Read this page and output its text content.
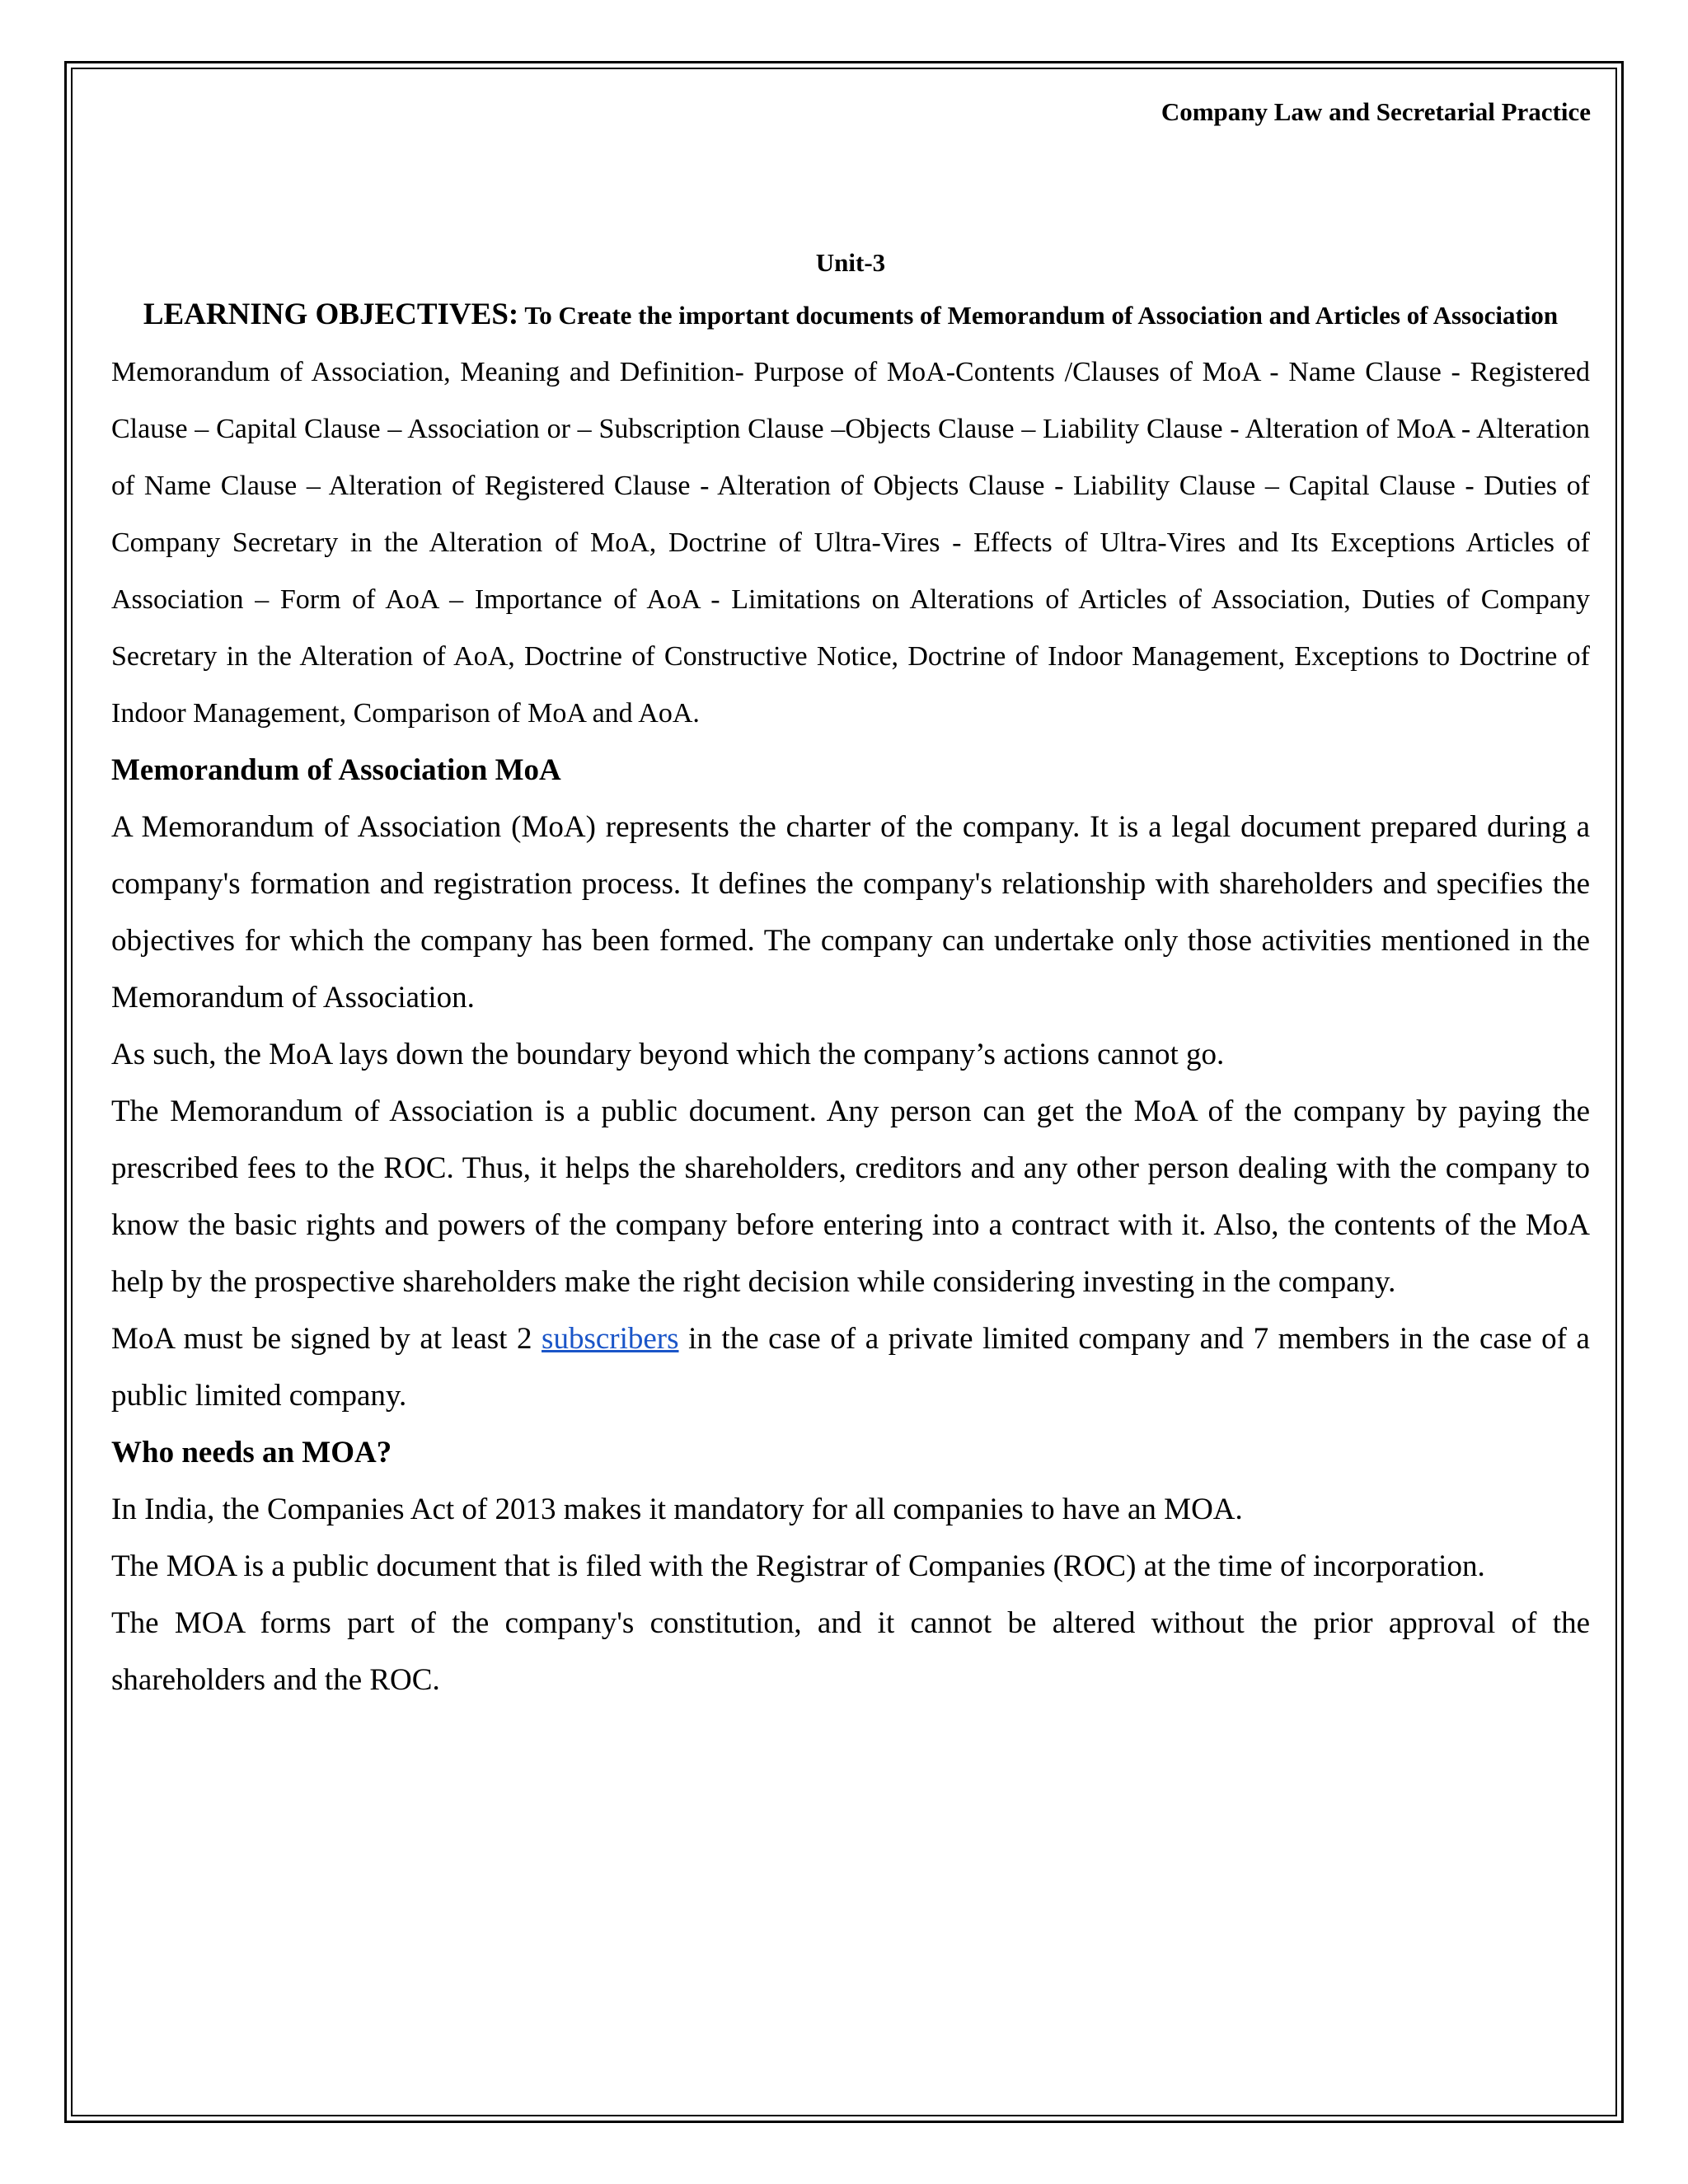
Company Law and Secretarial Practice
Unit-3
LEARNING OBJECTIVES: To Create the important documents of Memorandum of Association and Articles of Association

Memorandum of Association, Meaning and Definition- Purpose of MoA-Contents /Clauses of MoA - Name Clause - Registered Clause – Capital Clause – Association or – Subscription Clause –Objects Clause – Liability Clause - Alteration of MoA - Alteration of Name Clause – Alteration of Registered Clause - Alteration of Objects Clause - Liability Clause – Capital Clause - Duties of Company Secretary in the Alteration of MoA, Doctrine of Ultra-Vires - Effects of Ultra-Vires and Its Exceptions Articles of Association – Form of AoA – Importance of AoA - Limitations on Alterations of Articles of Association, Duties of Company Secretary in the Alteration of AoA, Doctrine of Constructive Notice, Doctrine of Indoor Management, Exceptions to Doctrine of Indoor Management, Comparison of MoA and AoA.

Memorandum of Association MoA

A Memorandum of Association (MoA) represents the charter of the company. It is a legal document prepared during a company's formation and registration process. It defines the company's relationship with shareholders and specifies the objectives for which the company has been formed. The company can undertake only those activities mentioned in the Memorandum of Association.

As such, the MoA lays down the boundary beyond which the company’s actions cannot go.

The Memorandum of Association is a public document. Any person can get the MoA of the company by paying the prescribed fees to the ROC. Thus, it helps the shareholders, creditors and any other person dealing with the company to know the basic rights and powers of the company before entering into a contract with it. Also, the contents of the MoA help by the prospective shareholders make the right decision while considering investing in the company.

MoA must be signed by at least 2 subscribers in the case of a private limited company and 7 members in the case of a public limited company.

Who needs an MOA?

In India, the Companies Act of 2013 makes it mandatory for all companies to have an MOA.

The MOA is a public document that is filed with the Registrar of Companies (ROC) at the time of incorporation.

The MOA forms part of the company's constitution, and it cannot be altered without the prior approval of the shareholders and the ROC.
